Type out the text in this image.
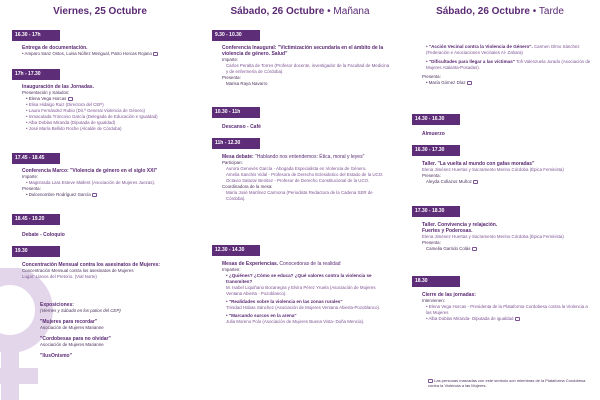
Viernes, 25 Octubre
16.30 - 17h
Entrega de documentación.
• Amparo Sanz Ostos, Luisa Núñez Mengual, Patro Horcas Rojano
17h - 17.30
Inauguración de las Jornadas.
Presentación y Saludos:
• Elena Vega Horcas
• Elisa Hidalgo Ruiz (Directora del CEP)
• Laura Fernández Rubio (Dir.ª General Violencia de Género)
• Inmaculada Troncoso García (Delegada de Educación e Igualdad)
• Alba Doblas Miranda (Diputada de Igualdad)
• José María Bellido Roche (Alcalde de Córdoba)
17.45 - 18.45
Conferencia Marco: "Violencia de género en el siglo XXI"
Imparte:
• Magistrada Lara Esteve Mallent (Asociación de Mujeres Juezas).
Presenta:
• Dulcenombre Rodríguez García
18.45 - 19.20
Debate - Coloquio
19.30
Concentración Mensual contra los asesinatos de Mujeres:
Concentración Mensual contra los asesinatos de Mujeres
Lugar: Llanos del Pretorio. (Vial Norte)
Exposiciones:
(Viernes y Sábado en los patios del CEP)
"Mujeres para recordar"
Asociación de Mujeres Marianne
"Cordobesas para no olvidar"
Asociación de Mujeres Marianne
"IlusOnismo"
Sábado, 26 Octubre • Mañana
9.30 - 10.30
Conferencia Inaugural: "Victimización secundaria en el ámbito de la violencia de género. Salud"
Imparte:
Carlos Peralta de Torres (Profesor docente, investigador de la Facultad de Medicina y de enfermería de Córdoba).
Presenta:
Marisa Raya Navarro
10.30 - 11h
Descanso - Café
11h - 12.30
Mesa debate: "Hablando nos entendemos: Ética, moral y leyes"
Participan:
Aurora Genovés García - Abogada Especialista en Violencia de Género.
Amelia Sanchis Vidal - Profesora de Derecho Eclesiástico del Estado de la UCO.
Octavio Salazar Benítez - Profesor de Derecho Constitucional de la UCO.
Coordinadora de la mesa:
María José Martínez Carmona (Periodista Redactora de la Cadena SER de Córdoba).
12.30 - 14.30
Mesas de Experiencias. Conocedoras de la realidad
Imparten:
• ¿Quiénes? ¿Cómo se educa? ¿Qué valores contra la violencia se transmiten?
M. Isabel Liquiñano Bocanegra y Elvira Pérez Yruela (Asociación de Mujeres Ventana Abierta - Pozoblanco).
• "Realidades sobre la violencia en las zonas rurales"
Trinidad Habas Sánchez (Asociación de Mujeres Ventana Abierta-Pozoblanco).
• "Marcando surcos en la arena"
Julia Moreno Polo (Asociación de Mujeres Buena Vista- Doña Mencía).
Sábado, 26 Octubre • Tarde
• "Acción Vecinal contra la Violencia de Género". Carmen Olmo Sánchez (Federación e Asociaciones Vecinales Al- Zahara)
• "Dificultades para llegar a las víctimas" Tofi Valenzuela Jurado (Asociación de Mujeres Atalanta-Posadas).
Presenta:
• María Gómez Díaz
14.30 - 16.30
Almuerzo
16.30 - 17.30
Taller. "La vuelta al mundo con gafas moradas"
Elena Jiménez Huertas y Sacramento Merino Córdoba (Épica Feminista)
Presenta:
Aleyda Collazos Muñoz
17.30 - 18.30
Taller. Convivencia y relajación.
Fuertes y Poderosas.
Elena Jiménez Huertas y Sacramento Merino Córdoba (Épica Feminista)
Presenta:
Camelia Garrido Colás
18.30
Cierre de las jornadas:
Intervienen:
• Elena Vega Horcas - Presidenta de la Plataforma Cordobesa contra la Violencia a las Mujeres
• Alba Doblas Miranda- Diputada de igualdad
Las personas marcadas con este símbolo son miembras de la Plataforma Cordobesa contra la Violencia a las Mujeres.
